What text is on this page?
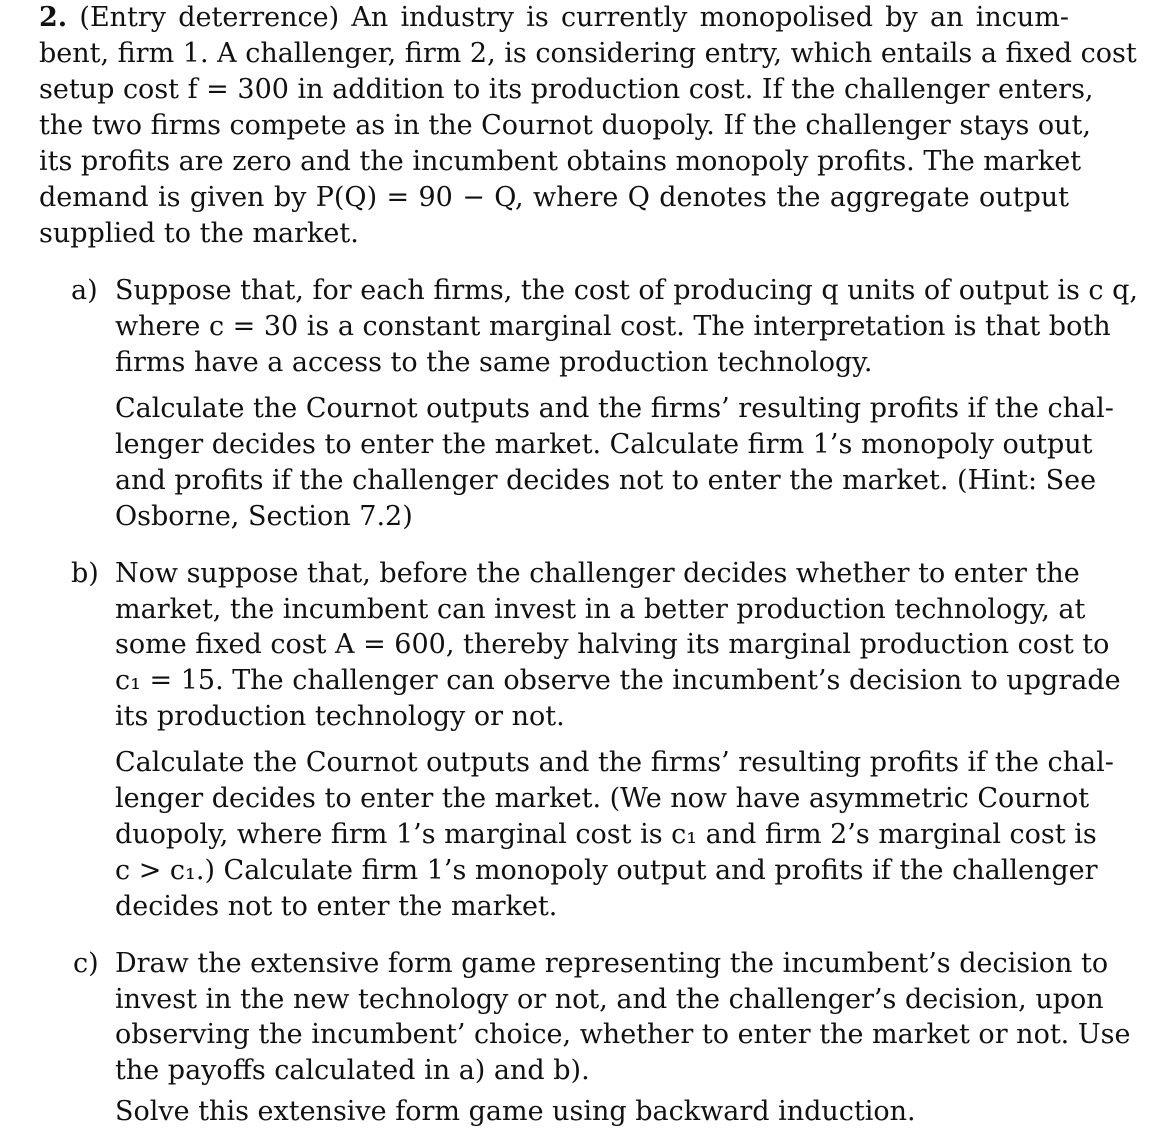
2. (Entry deterrence) An industry is currently monopolised by an incum-
bent, firm 1. A challenger, firm 2, is considering entry, which entails a fixed cost
setup cost f = 300 in addition to its production cost. If the challenger enters,
the two firms compete as in the Cournot duopoly. If the challenger stays out,
its profits are zero and the incumbent obtains monopoly profits. The market
demand is given by P(Q) = 90 − Q, where Q denotes the aggregate output
supplied to the market.
a) Suppose that, for each firms, the cost of producing q units of output is c q,
where c = 30 is a constant marginal cost. The interpretation is that both
firms have a access to the same production technology.
Calculate the Cournot outputs and the firms’ resulting profits if the chal-
lenger decides to enter the market. Calculate firm 1’s monopoly output
and profits if the challenger decides not to enter the market. (Hint: See
Osborne, Section 7.2)
b) Now suppose that, before the challenger decides whether to enter the
market, the incumbent can invest in a better production technology, at
some fixed cost A = 600, thereby halving its marginal production cost to
c₁ = 15. The challenger can observe the incumbent’s decision to upgrade
its production technology or not.
Calculate the Cournot outputs and the firms’ resulting profits if the chal-
lenger decides to enter the market. (We now have asymmetric Cournot
duopoly, where firm 1’s marginal cost is c₁ and firm 2’s marginal cost is
c > c₁.) Calculate firm 1’s monopoly output and profits if the challenger
decides not to enter the market.
c) Draw the extensive form game representing the incumbent’s decision to
invest in the new technology or not, and the challenger’s decision, upon
observing the incumbent’ choice, whether to enter the market or not. Use
the payoffs calculated in a) and b).
Solve this extensive form game using backward induction.
